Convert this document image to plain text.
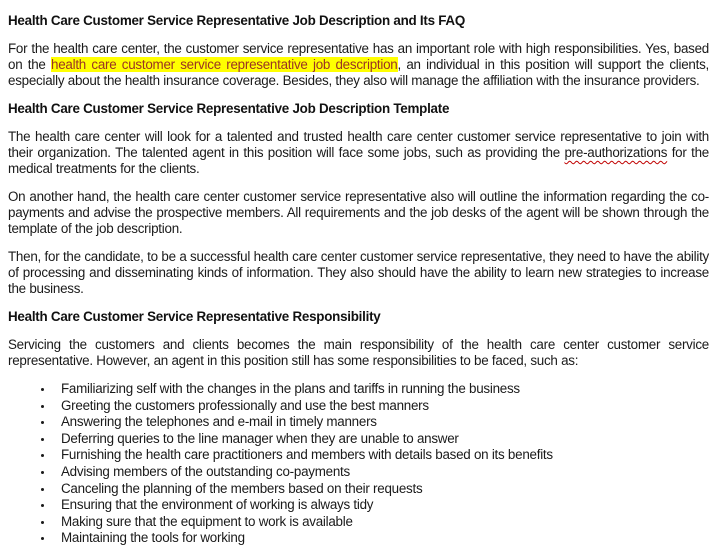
Health Care Customer Service Representative Job Description and Its FAQ

For the health care center, the customer service representative has an important role with high responsibilities. Yes, based on the health care customer service representative job description, an individual in this position will support the clients, especially about the health insurance coverage. Besides, they also will manage the affiliation with the insurance providers.

Health Care Customer Service Representative Job Description Template

The health care center will look for a talented and trusted health care center customer service representative to join with their organization. The talented agent in this position will face some jobs, such as providing the pre-authorizations for the medical treatments for the clients.

On another hand, the health care center customer service representative also will outline the information regarding the co-payments and advise the prospective members. All requirements and the job desks of the agent will be shown through the template of the job description.

Then, for the candidate, to be a successful health care center customer service representative, they need to have the ability of processing and disseminating kinds of information. They also should have the ability to learn new strategies to increase the business.

Health Care Customer Service Representative Responsibility

Servicing the customers and clients becomes the main responsibility of the health care center customer service representative. However, an agent in this position still has some responsibilities to be faced, such as:

• Familiarizing self with the changes in the plans and tariffs in running the business
• Greeting the customers professionally and use the best manners
• Answering the telephones and e-mail in timely manners
• Deferring queries to the line manager when they are unable to answer
• Furnishing the health care practitioners and members with details based on its benefits
• Advising members of the outstanding co-payments
• Canceling the planning of the members based on their requests
• Ensuring that the environment of working is always tidy
• Making sure that the equipment to work is available
• Maintaining the tools for working
